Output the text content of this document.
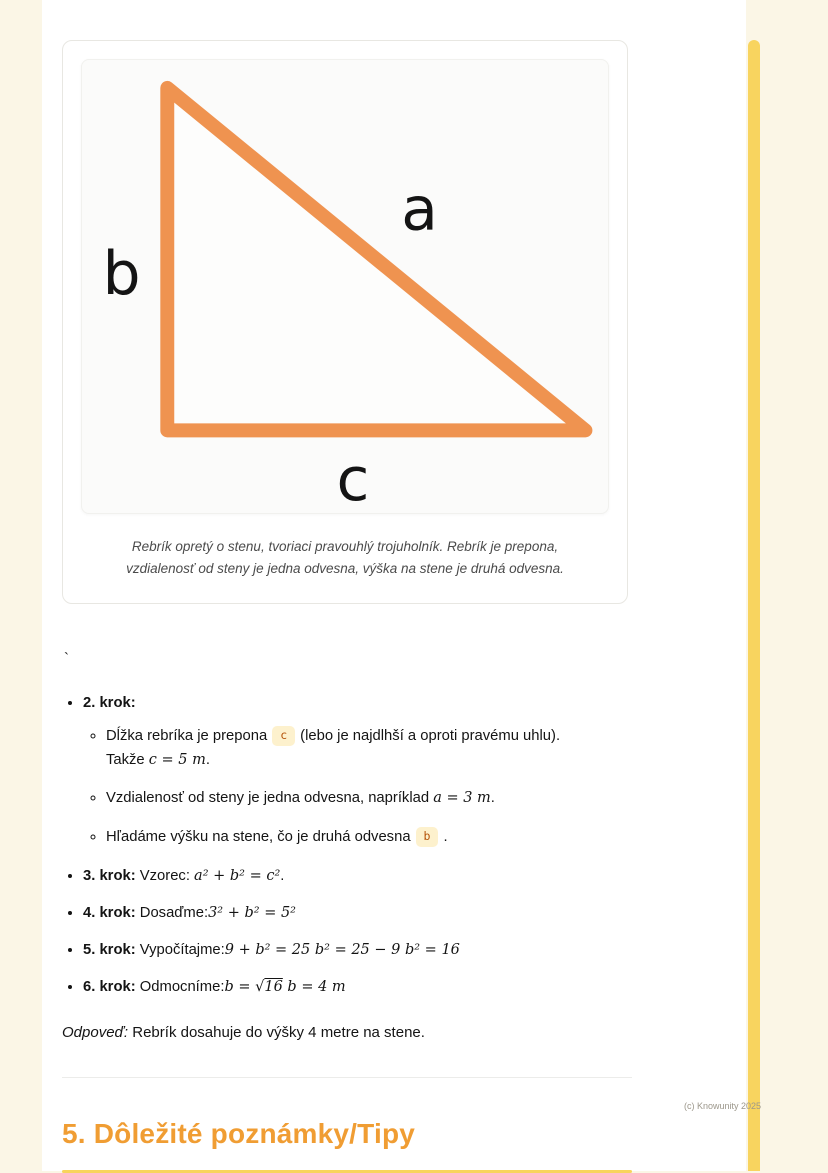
a
b
c
Rebrík opretý o stenu, tvoriaci pravouhlý trojuholník. Rebrík je prepona,
vzdialenosť od steny je jedna odvesna, výška na stene je druhá odvesna.
`
• 2. krok:
◦ Dĺžka rebríka je prepona c (lebo je najdlhší a oproti pravému uhlu).
Takže c = 5 m.
◦ Vzdialenosť od steny je jedna odvesna, napríklad a = 3 m.
◦ Hľadáme výšku na stene, čo je druhá odvesna b .
• 3. krok: Vzorec: a² + b² = c².
• 4. krok: Dosaďme:3² + b² = 5²
• 5. krok: Vypočítajme:9 + b² = 25 b² = 25 − 9 b² = 16
• 6. krok: Odmocníme:b = √16 b = 4 m

Odpoveď: Rebrík dosahuje do výšky 4 metre na stene.

5. Dôležité poznámky/Tipy
(c) Knowunity 2025
